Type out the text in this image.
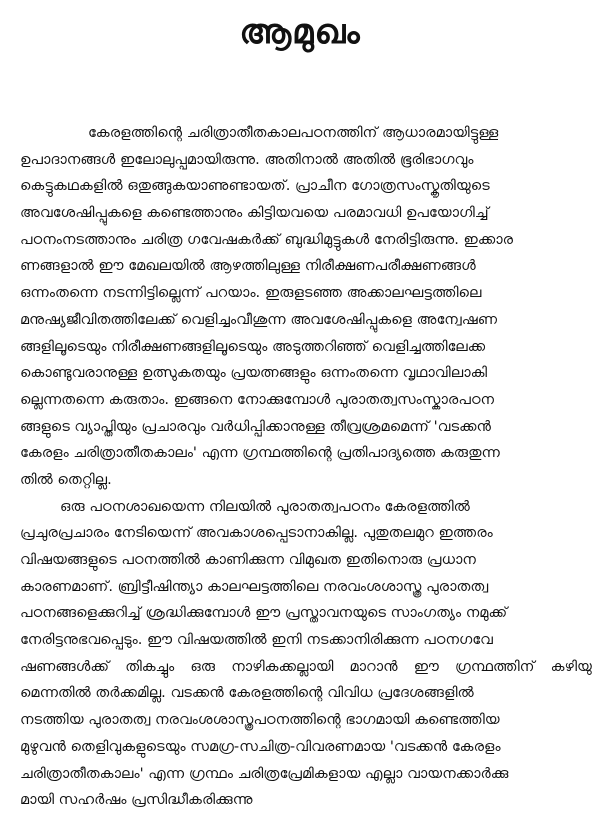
ആമുഖം
കേരളത്തിന്റെ ചരിത്രാതീതകാലപഠനത്തിന് ആധാരമായിട്ടുള്ള
ഉപാദാനങ്ങൾ ഇലോലുപ്പമായിരുന്നു. അതിനാൽ അതിൽ ഭൂരിഭാഗവും
കെട്ടുകഥകളിൽ ഒതുങ്ങുകയാണുണ്ടായത്. പ്രാചീന ഗോത്രസംസ്കൃതിയുടെ
അവശേഷിപ്പുകളെ കണ്ടെത്താനും കിട്ടിയവയെ പരമാവധി ഉപയോഗിച്ച്
പഠനംനടത്താനും ചരിത്ര ഗവേഷകർക്ക് ബുദ്ധിമുട്ടുകൾ നേരിട്ടിരുന്നു. ഇക്കാര
ണങ്ങളാൽ ഈ മേഖലയിൽ ആഴത്തിലുള്ള നിരീക്ഷണപരീക്ഷണങ്ങൾ
ഒന്നംതന്നെ നടന്നിട്ടില്ലെന്ന് പറയാം. ഇരുളടഞ്ഞ അക്കാലഘട്ടത്തിലെ
മനുഷ്യജീവിതത്തിലേക്ക് വെളിച്ചംവീശുന്ന അവശേഷിപ്പുകളെ അന്വേഷണ
ങ്ങളിലൂടെയും നിരീക്ഷണങ്ങളിലൂടെയും അടുത്തറിഞ്ഞ് വെളിച്ചത്തിലേക്ക
കൊണ്ടുവരാനുള്ള ഉത്സുകതയും പ്രയത്നങ്ങളും ഒന്നംതന്നെ വൃഥാവിലാകി
ല്ലെന്നതന്നെ കരുതാം. ഇങ്ങനെ നോക്കുമ്പോൾ പുരാതത്വസംസ്കാരപഠന
ങ്ങളുടെ വ്യാപ്തിയും പ്രചാരവും വർധിപ്പിക്കാനുള്ള തീവ്രശ്രമമെന്ന് 'വടക്കൻ
കേരളം ചരിത്രാതീതകാലം' എന്ന ഗ്രന്ഥത്തിന്റെ പ്രതിപാദ്യത്തെ കരുതുന്ന
തിൽ തെറ്റില്ല.
ഒരു പഠനശാഖയെന്ന നിലയിൽ പുരാതത്വപഠനം കേരളത്തിൽ
പ്രചുരപ്രചാരം നേടിയെന്ന് അവകാശപ്പെടാനാകില്ല. പുതുതലമുറ ഇത്തരം
വിഷയങ്ങളുടെ പഠനത്തിൽ കാണിക്കുന്ന വിമുഖത ഇതിനൊരു പ്രധാന
കാരണമാണ്. ബ്രിട്ടീഷിന്ത്യാ കാലഘട്ടത്തിലെ നരവംശശാസ്ത്ര പുരാതത്വ
പഠനങ്ങളെക്കുറിച്ച് ശ്രദ്ധിക്കുമ്പോൾ ഈ പ്രസ്താവനയുടെ സാംഗത്യം നമുക്ക്
നേരിട്ടനുഭവപ്പെടും. ഈ വിഷയത്തിൽ ഇനി നടക്കാനിരിക്കുന്ന പഠനഗവേ
ഷണങ്ങൾക്ക് തികച്ചും ഒരു നാഴികക്കല്ലായി മാറാൻ ഈ ഗ്രന്ഥത്തിന് കഴിയു
മെന്നതിൽ തർക്കമില്ല. വടക്കൻ കേരളത്തിന്റെ വിവിധ പ്രദേശങ്ങളിൽ
നടത്തിയ പുരാതത്വ നരവംശശാസ്ത്രപഠനത്തിന്റെ ഭാഗമായി കണ്ടെത്തിയ
മുഴുവൻ തെളിവുകളുടെയും സമഗ്ര-സചിത്ര-വിവരണമായ 'വടക്കൻ കേരളം
ചരിത്രാതീതകാലം' എന്ന ഗ്രന്ഥം ചരിത്രപ്രേമികളായ എല്ലാ വായനക്കാർക്കു
മായി സഹർഷം പ്രസിദ്ധീകരിക്കുന്നു
